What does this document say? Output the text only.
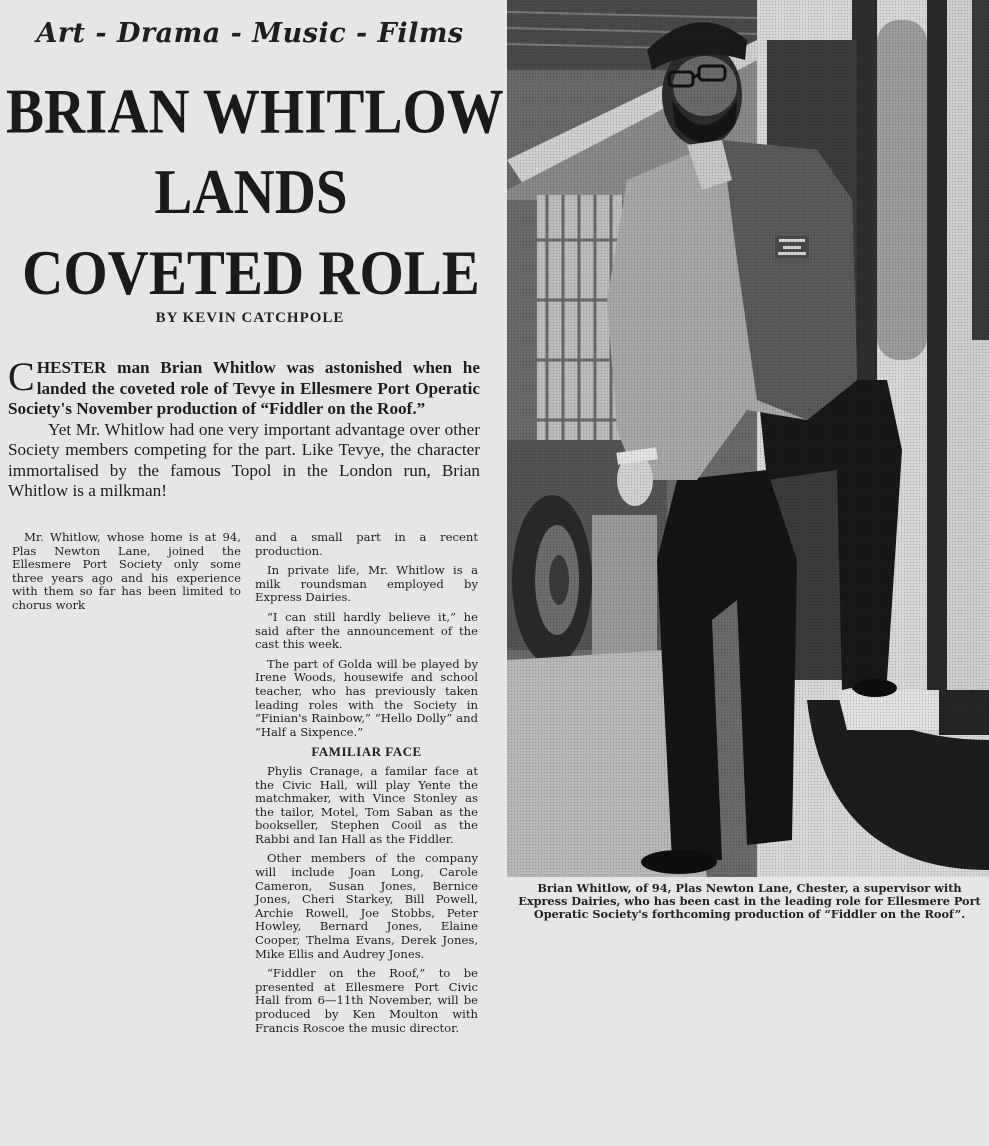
Art - Drama - Music - Films
BRIAN WHITLOW
LANDS
COVETED ROLE
BY KEVIN CATCHPOLE

CHESTER man Brian Whitlow was astonished when he landed the coveted role of Tevye in Ellesmere Port Operatic Society's November production of “Fiddler on the Roof.”

Yet Mr. Whitlow had one very important advantage over other Society members competing for the part. Like Tevye, the character immortalised by the famous Topol in the London run, Brian Whitlow is a milkman!

Mr. Whitlow, whose home is at 94, Plas Newton Lane, joined the Ellesmere Port Society only some three years ago and his experience with them so far has been limited to chorus work

and a small part in a recent production.

In private life, Mr. Whitlow is a milk roundsman employed by Express Dairies.

“I can still hardly believe it,” he said after the announcement of the cast this week.

The part of Golda will be played by Irene Woods, housewife and school teacher, who has previously taken leading roles with the Society in “Finian's Rainbow,” “Hello Dolly” and “Half a Sixpence.”

FAMILIAR FACE

Phylis Cranage, a familar face at the Civic Hall, will play Yente the matchmaker, with Vince Stonley as the tailor, Motel, Tom Saban as the bookseller, Stephen Cooil as the Rabbi and Ian Hall as the Fiddler.

Other members of the company will include Joan Long, Carole Cameron, Susan Jones, Bernice Jones, Cheri Starkey, Bill Powell, Archie Rowell, Joe Stobbs, Peter Howley, Bernard Jones, Elaine Cooper, Thelma Evans, Derek Jones, Mike Ellis and Audrey Jones.

“Fiddler on the Roof,” to be presented at Ellesmere Port Civic Hall from 6—11th November, will be produced by Ken Moulton with Francis Roscoe the music director.

Brian Whitlow, of 94, Plas Newton Lane, Chester, a supervisor with Express Dairies, who has been cast in the leading role for Ellesmere Port Operatic Society's forthcoming production of “Fiddler on the Roof”.
